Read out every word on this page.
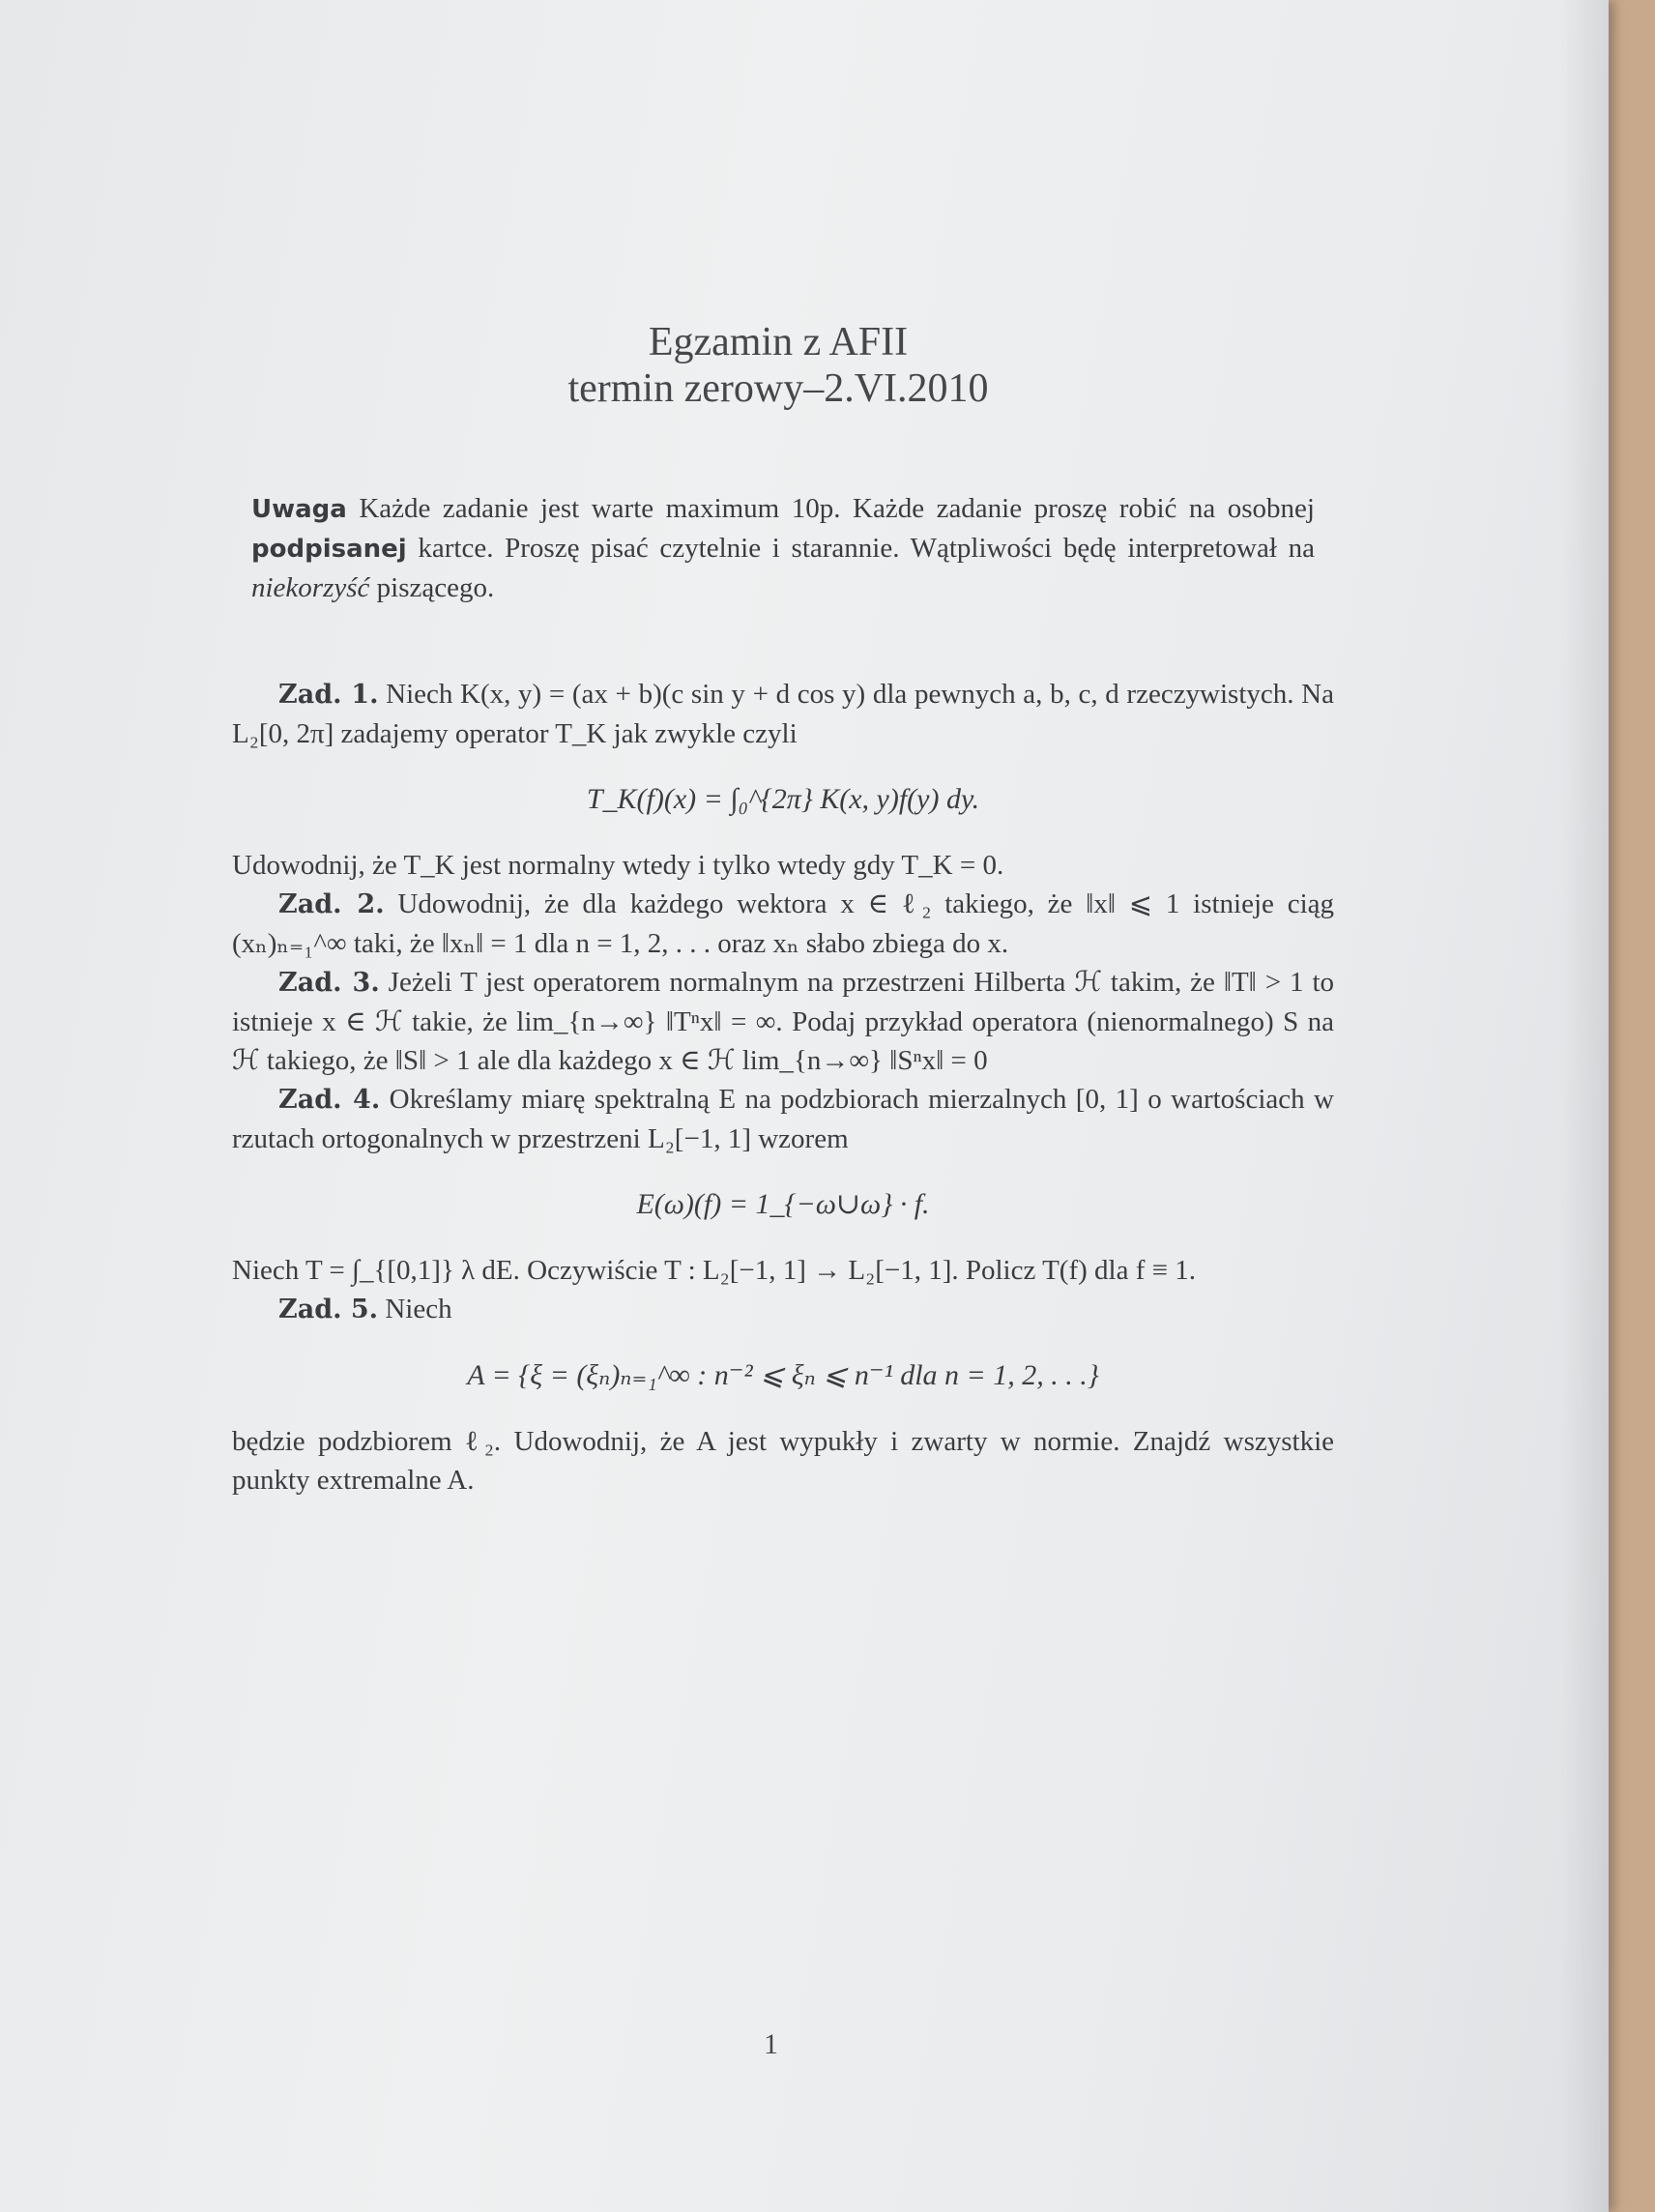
Egzamin z AFII
termin zerowy–2.VI.2010
Uwaga Każde zadanie jest warte maximum 10p. Każde zadanie proszę robić na osobnej podpisanej kartce. Proszę pisać czytelnie i starannie. Wątpliwości będę interpretował na niekorzyść piszącego.

Zad. 1. Niech K(x, y) = (ax + b)(c sin y + d cos y) dla pewnych a, b, c, d rzeczywistych. Na L₂[0, 2π] zadajemy operator T_K jak zwykle czyli

T_K(f)(x) = ∫₀^{2π} K(x, y)f(y) dy.

Udowodnij, że T_K jest normalny wtedy i tylko wtedy gdy T_K = 0.

Zad. 2. Udowodnij, że dla każdego wektora x ∈ ℓ₂ takiego, że ‖x‖ ⩽ 1 istnieje ciąg (xₙ)ₙ₌₁^∞ taki, że ‖xₙ‖ = 1 dla n = 1, 2, . . . oraz xₙ słabo zbiega do x.

Zad. 3. Jeżeli T jest operatorem normalnym na przestrzeni Hilberta ℋ takim, że ‖T‖ > 1 to istnieje x ∈ ℋ takie, że lim_{n→∞} ‖Tⁿx‖ = ∞. Podaj przykład operatora (nienormalnego) S na ℋ takiego, że ‖S‖ > 1 ale dla każdego x ∈ ℋ lim_{n→∞} ‖Sⁿx‖ = 0

Zad. 4. Określamy miarę spektralną E na podzbiorach mierzalnych [0, 1] o wartościach w rzutach ortogonalnych w przestrzeni L₂[−1, 1] wzorem

E(ω)(f) = 1_{−ω∪ω} · f.

Niech T = ∫_{[0,1]} λ dE. Oczywiście T : L₂[−1, 1] → L₂[−1, 1]. Policz T(f) dla f ≡ 1.

Zad. 5. Niech

A = {ξ = (ξₙ)ₙ₌₁^∞ : n⁻² ⩽ ξₙ ⩽ n⁻¹ dla n = 1, 2, . . .}

będzie podzbiorem ℓ₂. Udowodnij, że A jest wypukły i zwarty w normie. Znajdź wszystkie punkty extremalne A.

1
